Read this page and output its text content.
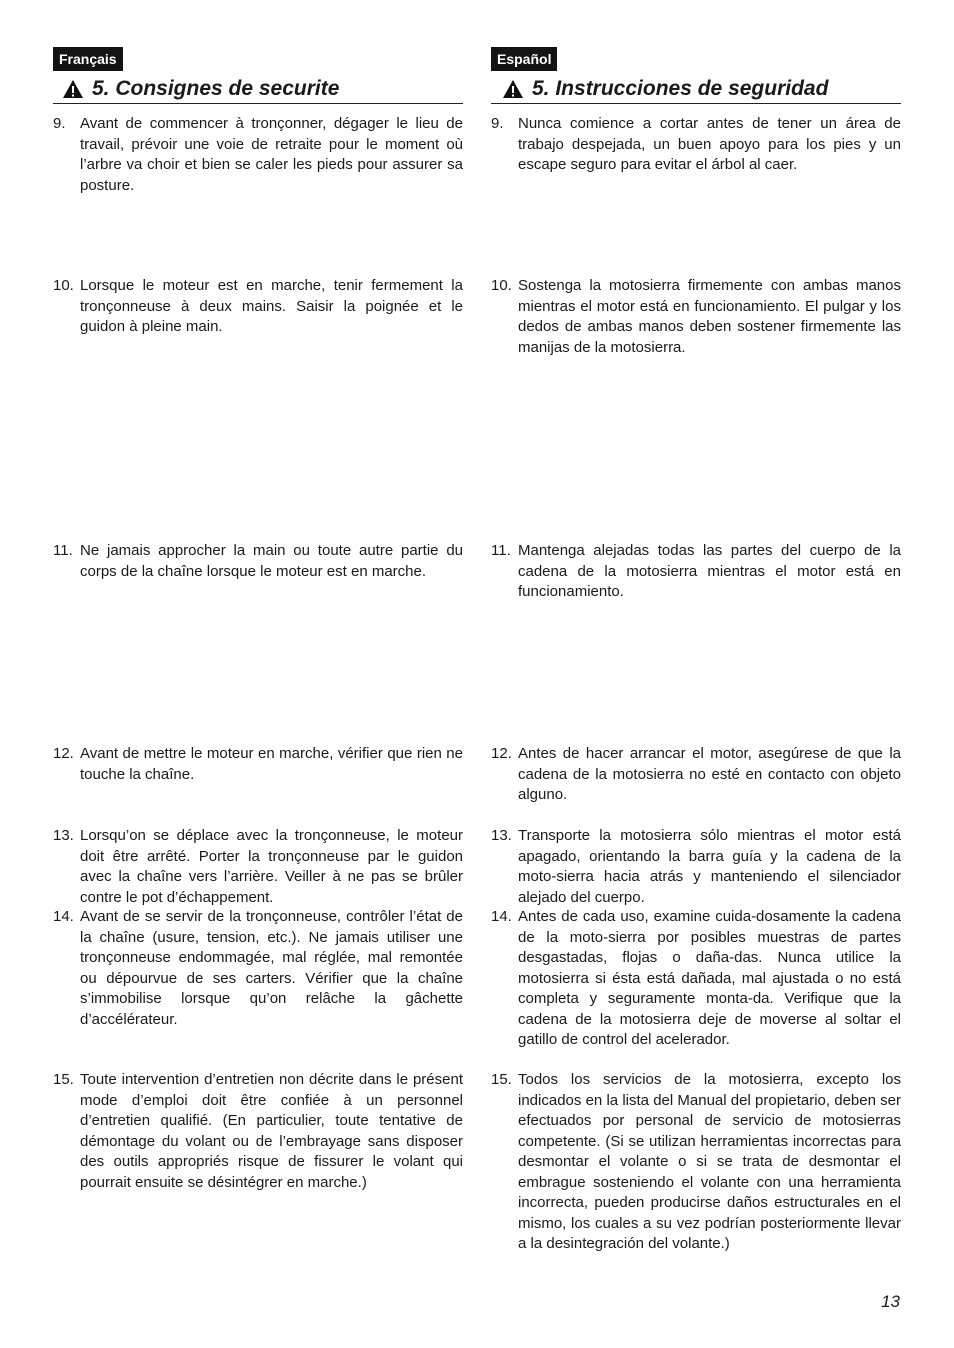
Français
5. Consignes de securite
Español
5. Instrucciones de seguridad
9. Avant de commencer à tronçonner, dégager le lieu de travail, prévoir une voie de retraite pour le moment où l’arbre va choir et bien se caler les pieds pour assurer sa posture.
10. Lorsque le moteur est en marche, tenir fermement la tronçonneuse à deux mains. Saisir la poignée et le guidon à pleine main.
11. Ne jamais approcher la main ou toute autre partie du corps de la chaîne lorsque le moteur est en marche.
12. Avant de mettre le moteur en marche, vérifier que rien ne touche la chaîne.
13. Lorsqu’on se déplace avec la tronçonneuse, le moteur doit être arrêté. Porter la tronçonneuse par le guidon avec la chaîne vers l’arrière. Veiller à ne pas se brûler contre le pot d’échappement.
14. Avant de se servir de la tronçonneuse, contrôler l’état de la chaîne (usure, tension, etc.). Ne jamais utiliser une tronçonneuse endommagée, mal réglée, mal remontée ou dépourvue de ses carters. Vérifier que la chaîne s’immobilise lorsque qu’on relâche la gâchette d’accélérateur.
15. Toute intervention d’entretien non décrite dans le présent mode d’emploi doit être confiée à un personnel d’entretien qualifié. (En particulier, toute tentative de démontage du volant ou de l’embrayage sans disposer des outils appropriés risque de fissurer le volant qui pourrait ensuite se désintégrer en marche.)
9. Nunca comience a cortar antes de tener un área de trabajo despejada, un buen apoyo para los pies y un escape seguro para evitar el árbol al caer.
10. Sostenga la motosierra firmemente con ambas manos mientras el motor está en funcionamiento. El pulgar y los dedos de ambas manos deben sostener firmemente las manijas de la motosierra.
11. Mantenga alejadas todas las partes del cuerpo de la cadena de la motosierra mientras el motor está en funcionamiento.
12. Antes de hacer arrancar el motor, asegúrese de que la cadena de la motosierra no esté en contacto con objeto alguno.
13. Transporte la motosierra sólo mientras el motor está apagado, orientando la barra guía y la cadena de la moto-sierra hacia atrás y manteniendo el silenciador alejado del cuerpo.
14. Antes de cada uso, examine cuida-dosamente la cadena de la moto-sierra por posibles muestras de partes desgastadas, flojas o daña-das. Nunca utilice la motosierra si ésta está dañada, mal ajustada o no está completa y seguramente monta-da. Verifique que la cadena de la motosierra deje de moverse al soltar el gatillo de control del acelerador.
15. Todos los servicios de la motosierra, excepto los indicados en la lista del Manual del propietario, deben ser efectuados por personal de servicio de motosierras competente. (Si se utilizan herramientas incorrectas para desmontar el volante o si se trata de desmontar el embrague sosteniendo el volante con una herramienta incorrecta, pueden producirse daños estructurales en el mismo, los cuales a su vez podrían posteriormente llevar a la desintegración del volante.)
13
